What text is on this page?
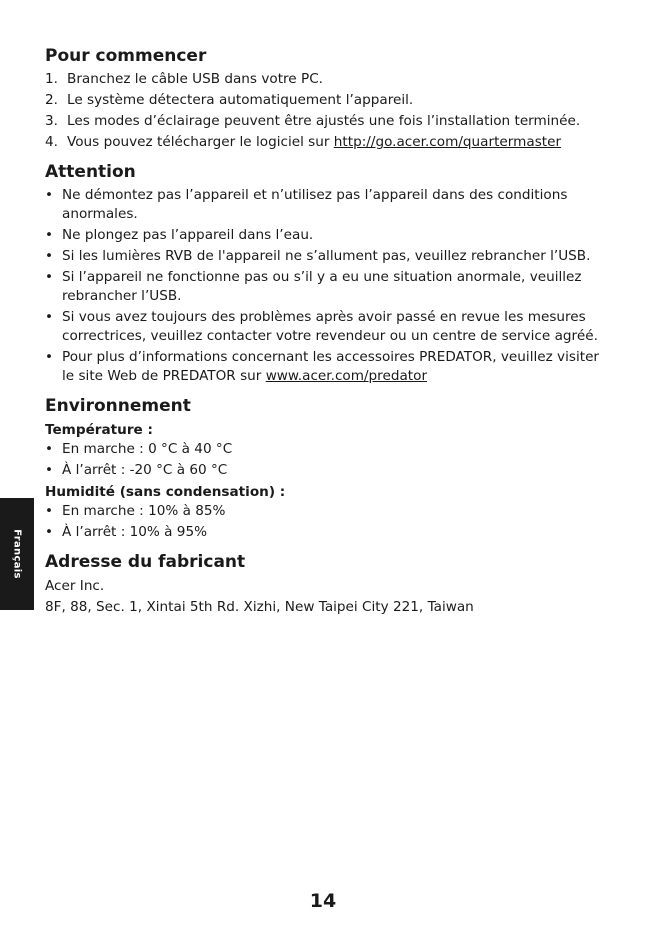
Français
Pour commencer
1. Branchez le câble USB dans votre PC.
2. Le système détectera automatiquement l’appareil.
3. Les modes d’éclairage peuvent être ajustés une fois l’installation terminée.
4. Vous pouvez télécharger le logiciel sur http://go.acer.com/quartermaster
Attention
• Ne démontez pas l’appareil et n’utilisez pas l’appareil dans des conditions anormales.
• Ne plongez pas l’appareil dans l’eau.
• Si les lumières RVB de l'appareil ne s’allument pas, veuillez rebrancher l’USB.
• Si l’appareil ne fonctionne pas ou s’il y a eu une situation anormale, veuillez rebrancher l’USB.
• Si vous avez toujours des problèmes après avoir passé en revue les mesures correctrices, veuillez contacter votre revendeur ou un centre de service agréé.
• Pour plus d’informations concernant les accessoires PREDATOR, veuillez visiter le site Web de PREDATOR sur www.acer.com/predator
Environnement
Température :
• En marche : 0 °C à 40 °C
• À l’arrêt : -20 °C à 60 °C
Humidité (sans condensation) :
• En marche : 10% à 85%
• À l’arrêt : 10% à 95%
Adresse du fabricant
Acer Inc.
8F, 88, Sec. 1, Xintai 5th Rd. Xizhi, New Taipei City 221, Taiwan
14
